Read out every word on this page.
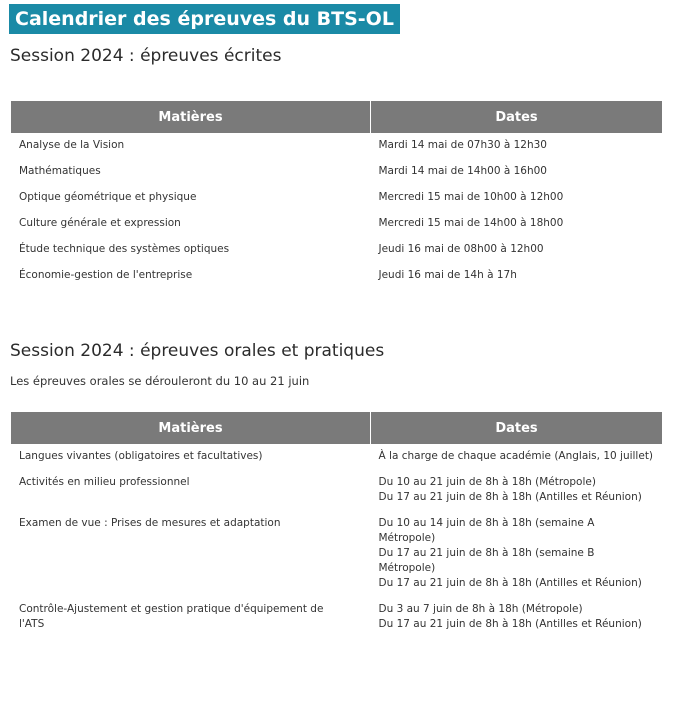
Calendrier des épreuves du BTS-OL
Session 2024 : épreuves écrites
Matières	Dates
Analyse de la Vision	Mardi 14 mai de 07h30 à 12h30
Mathématiques	Mardi 14 mai de 14h00 à 16h00
Optique géométrique et physique	Mercredi 15 mai de 10h00 à 12h00
Culture générale et expression	Mercredi 15 mai de 14h00 à 18h00
Étude technique des systèmes optiques	Jeudi 16 mai de 08h00 à 12h00
Économie-gestion de l'entreprise	Jeudi 16 mai de 14h à 17h
Session 2024 : épreuves orales et pratiques
Les épreuves orales se dérouleront du 10 au 21 juin
Matières	Dates

Langues vivantes (obligatoires et facultatives)	À la charge de chaque académie (Anglais, 10 juillet)

Activités en milieu professionnel	Du 10 au 21 juin de 8h à 18h (Métropole)
Du 17 au 21 juin de 8h à 18h (Antilles et Réunion)

Examen de vue : Prises de mesures et adaptation	Du 10 au 14 juin de 8h à 18h (semaine A
Métropole)
Du 17 au 21 juin de 8h à 18h (semaine B
Métropole)
Du 17 au 21 juin de 8h à 18h (Antilles et Réunion)

Contrôle-Ajustement et gestion pratique d'équipement de
l'ATS	Du 3 au 7 juin de 8h à 18h (Métropole)
Du 17 au 21 juin de 8h à 18h (Antilles et Réunion)
